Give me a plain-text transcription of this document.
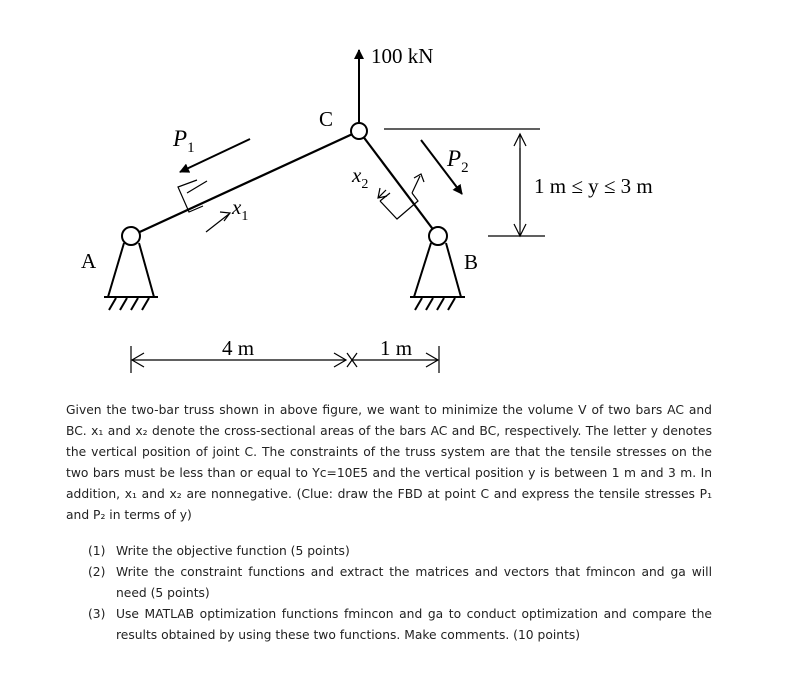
100 kN
C
A	B
$P_1$	$P_2$
$x_1$
$x_2$	1 m ≤ y ≤ 3 m
4 m	1 m
Given the two-bar truss shown in above figure, we want to minimize the volume V of two bars AC and BC. x₁ and x₂ denote the cross-sectional areas of the bars AC and BC, respectively. The letter y denotes the vertical position of joint C. The constraints of the truss system are that the tensile stresses on the two bars must be less than or equal to Yc=10E5 and the vertical position y is between 1 m and 3 m. In addition, x₁ and x₂ are nonnegative. (Clue: draw the FBD at point C and express the tensile stresses P₁ and P₂ in terms of y)
(1) Write the objective function (5 points)
(2) Write the constraint functions and extract the matrices and vectors that fmincon and ga will need (5 points)
(3) Use MATLAB optimization functions fmincon and ga to conduct optimization and compare the results obtained by using these two functions. Make comments. (10 points)
